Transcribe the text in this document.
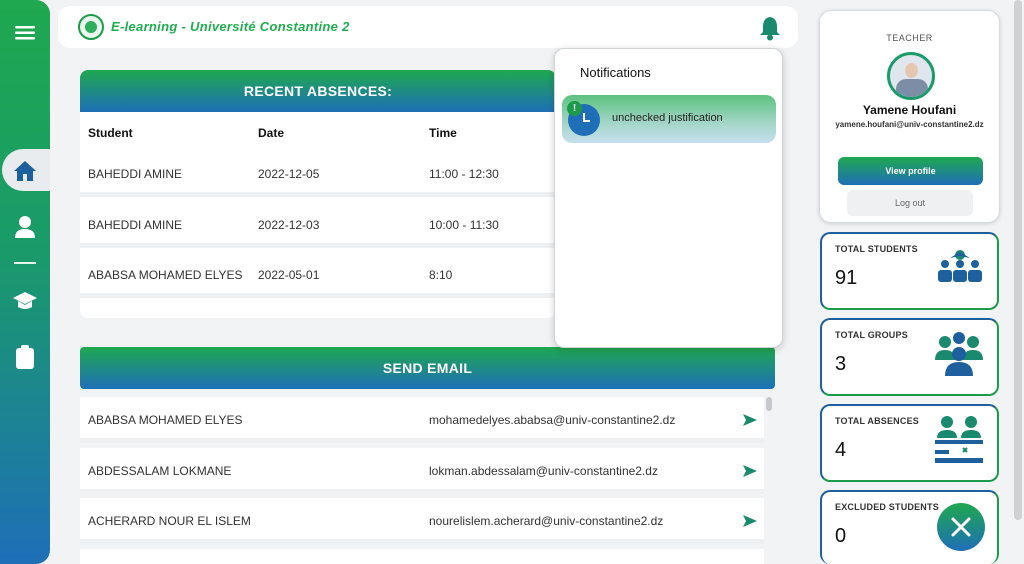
E-learning - Université Constantine 2
RECENT ABSENCES:
Student	Date	Time
BAHEDDI AMINE	2022-12-05	11:00 - 12:30
BAHEDDI AMINE	2022-12-03	10:00 - 11:30
ABABSA MOHAMED ELYES 2022-05-01	8:10
SEND EMAIL
ABABSA MOHAMED ELYES	mohamedelyes.ababsa@univ-constantine2.dz
ABDESSALAM LOKMANE	lokman.abdessalam@univ-constantine2.dz
ACHERARD NOUR EL ISLEM	nourelislem.acherard@univ-constantine2.dz
Notifications
!
unchecked justification
TEACHER
Yamene Houfani
yamene.houfani@univ-constantine2.dz
View profile
Log out
TOTAL STUDENTS
91
TOTAL GROUPS
3
TOTAL ABSENCES
4
EXCLUDED STUDENTS
0
